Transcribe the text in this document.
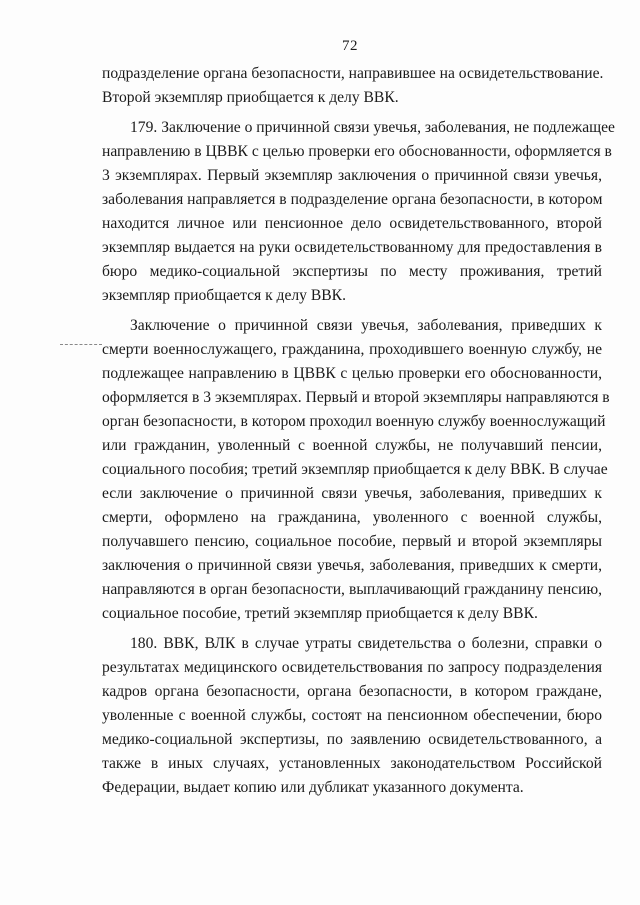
72
подразделение органа безопасности, направившее на освидетельствование.
Второй экземпляр приобщается к делу ВВК.
179. Заключение о причинной связи увечья, заболевания, не подлежащее
направлению в ЦВВК с целью проверки его обоснованности, оформляется в
3 экземплярах. Первый экземпляр заключения о причинной связи увечья,
заболевания направляется в подразделение органа безопасности, в котором
находится личное или пенсионное дело освидетельствованного, второй
экземпляр выдается на руки освидетельствованному для предоставления в
бюро медико-социальной экспертизы по месту проживания, третий
экземпляр приобщается к делу ВВК.
Заключение о причинной связи увечья, заболевания, приведших к
смерти военнослужащего, гражданина, проходившего военную службу, не
подлежащее направлению в ЦВВК с целью проверки его обоснованности,
оформляется в 3 экземплярах. Первый и второй экземпляры направляются в
орган безопасности, в котором проходил военную службу военнослужащий
или гражданин, уволенный с военной службы, не получавший пенсии,
социального пособия; третий экземпляр приобщается к делу ВВК. В случае
если заключение о причинной связи увечья, заболевания, приведших к
смерти, оформлено на гражданина, уволенного с военной службы,
получавшего пенсию, социальное пособие, первый и второй экземпляры
заключения о причинной связи увечья, заболевания, приведших к смерти,
направляются в орган безопасности, выплачивающий гражданину пенсию,
социальное пособие, третий экземпляр приобщается к делу ВВК.
180. ВВК, ВЛК в случае утраты свидетельства о болезни, справки о
результатах медицинского освидетельствования по запросу подразделения
кадров органа безопасности, органа безопасности, в котором граждане,
уволенные с военной службы, состоят на пенсионном обеспечении, бюро
медико-социальной экспертизы, по заявлению освидетельствованного, а
также в иных случаях, установленных законодательством Российской
Федерации, выдает копию или дубликат указанного документа.
